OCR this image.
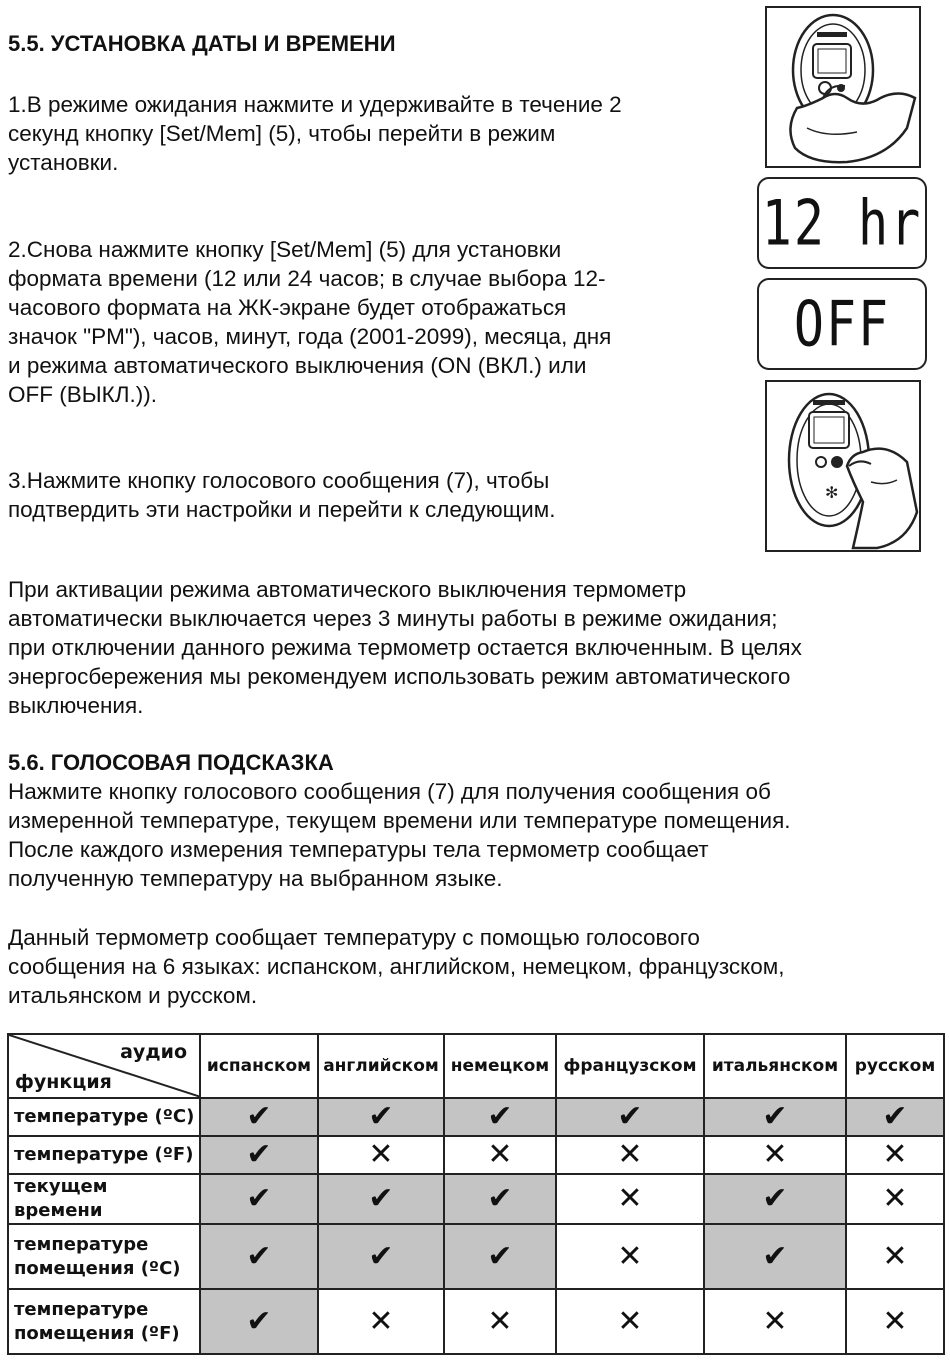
5.5. УСТАНОВКА ДАТЫ И ВРЕМЕНИ
1.В режиме ожидания нажмите и удерживайте в течение 2
секунд кнопку [Set/Mem] (5), чтобы перейти в режим
установки.
2.Снова нажмите кнопку [Set/Mem] (5) для установки
формата времени (12 или 24 часов; в случае выбора 12-
часового формата на ЖК-экране будет отображаться
значок "PM"), часов, минут, года (2001-2099), месяца, дня
и режима автоматического выключения (ON (ВКЛ.) или
OFF (ВЫКЛ.)).
3.Нажмите кнопку голосового сообщения (7), чтобы
подтвердить эти настройки и перейти к следующим.
При активации режима автоматического выключения термометр
автоматически выключается через 3 минуты работы в режиме ожидания;
при отключении данного режима термометр остается включенным. В целях
энергосбережения мы рекомендуем использовать режим автоматического
выключения.
12 hr
OFF
✻
5.6. ГОЛОСОВАЯ ПОДСКАЗКА
Нажмите кнопку голосового сообщения (7) для получения сообщения об
измеренной температуре, текущем времени или температуре помещения.
После каждого измерения температуры тела термометр сообщает
полученную температуру на выбранном языке.
Данный термометр сообщает температуру с помощью голосового
сообщения на 6 языках: испанском, английском, немецком, французском,
итальянском и русском.
аудио
функция	испанском	английском	немецком	французском	итальянском	русском

температуре (ºC)	✔	✔	✔	✔	✔	✔

температуре (ºF)	✔	✕	✕	✕	✕	✕

текущем времени	✔	✔	✔	✕	✔	✕

температуре
помещения (ºC)	✔	✔	✔	✕	✔	✕

температуре
помещения (ºF)	✔	✕	✕	✕	✕	✕
